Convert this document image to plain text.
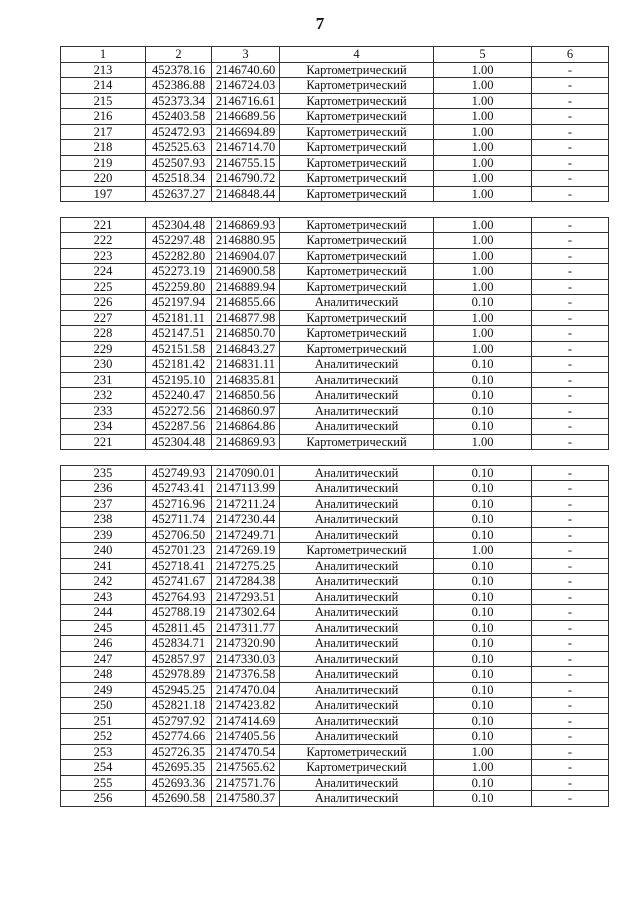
7
1	2	3	4	5	6
213	452378.16	2146740.60	Картометрический	1.00	-
214	452386.88	2146724.03	Картометрический	1.00	-
215	452373.34	2146716.61	Картометрический	1.00	-
216	452403.58	2146689.56	Картометрический	1.00	-
217	452472.93	2146694.89	Картометрический	1.00	-
218	452525.63	2146714.70	Картометрический	1.00	-
219	452507.93	2146755.15	Картометрический	1.00	-
220	452518.34	2146790.72	Картометрический	1.00	-
197	452637.27	2146848.44	Картометрический	1.00	-

221	452304.48	2146869.93	Картометрический	1.00	-
222	452297.48	2146880.95	Картометрический	1.00	-
223	452282.80	2146904.07	Картометрический	1.00	-
224	452273.19	2146900.58	Картометрический	1.00	-
225	452259.80	2146889.94	Картометрический	1.00	-
226	452197.94	2146855.66	Аналитический	0.10	-
227	452181.11	2146877.98	Картометрический	1.00	-
228	452147.51	2146850.70	Картометрический	1.00	-
229	452151.58	2146843.27	Картометрический	1.00	-
230	452181.42	2146831.11	Аналитический	0.10	-
231	452195.10	2146835.81	Аналитический	0.10	-
232	452240.47	2146850.56	Аналитический	0.10	-
233	452272.56	2146860.97	Аналитический	0.10	-
234	452287.56	2146864.86	Аналитический	0.10	-
221	452304.48	2146869.93	Картометрический	1.00	-

235	452749.93	2147090.01	Аналитический	0.10	-
236	452743.41	2147113.99	Аналитический	0.10	-
237	452716.96	2147211.24	Аналитический	0.10	-
238	452711.74	2147230.44	Аналитический	0.10	-
239	452706.50	2147249.71	Аналитический	0.10	-
240	452701.23	2147269.19	Картометрический	1.00	-
241	452718.41	2147275.25	Аналитический	0.10	-
242	452741.67	2147284.38	Аналитический	0.10	-
243	452764.93	2147293.51	Аналитический	0.10	-
244	452788.19	2147302.64	Аналитический	0.10	-
245	452811.45	2147311.77	Аналитический	0.10	-
246	452834.71	2147320.90	Аналитический	0.10	-
247	452857.97	2147330.03	Аналитический	0.10	-
248	452978.89	2147376.58	Аналитический	0.10	-
249	452945.25	2147470.04	Аналитический	0.10	-
250	452821.18	2147423.82	Аналитический	0.10	-
251	452797.92	2147414.69	Аналитический	0.10	-
252	452774.66	2147405.56	Аналитический	0.10	-
253	452726.35	2147470.54	Картометрический	1.00	-
254	452695.35	2147565.62	Картометрический	1.00	-
255	452693.36	2147571.76	Аналитический	0.10	-
256	452690.58	2147580.37	Аналитический	0.10	-
